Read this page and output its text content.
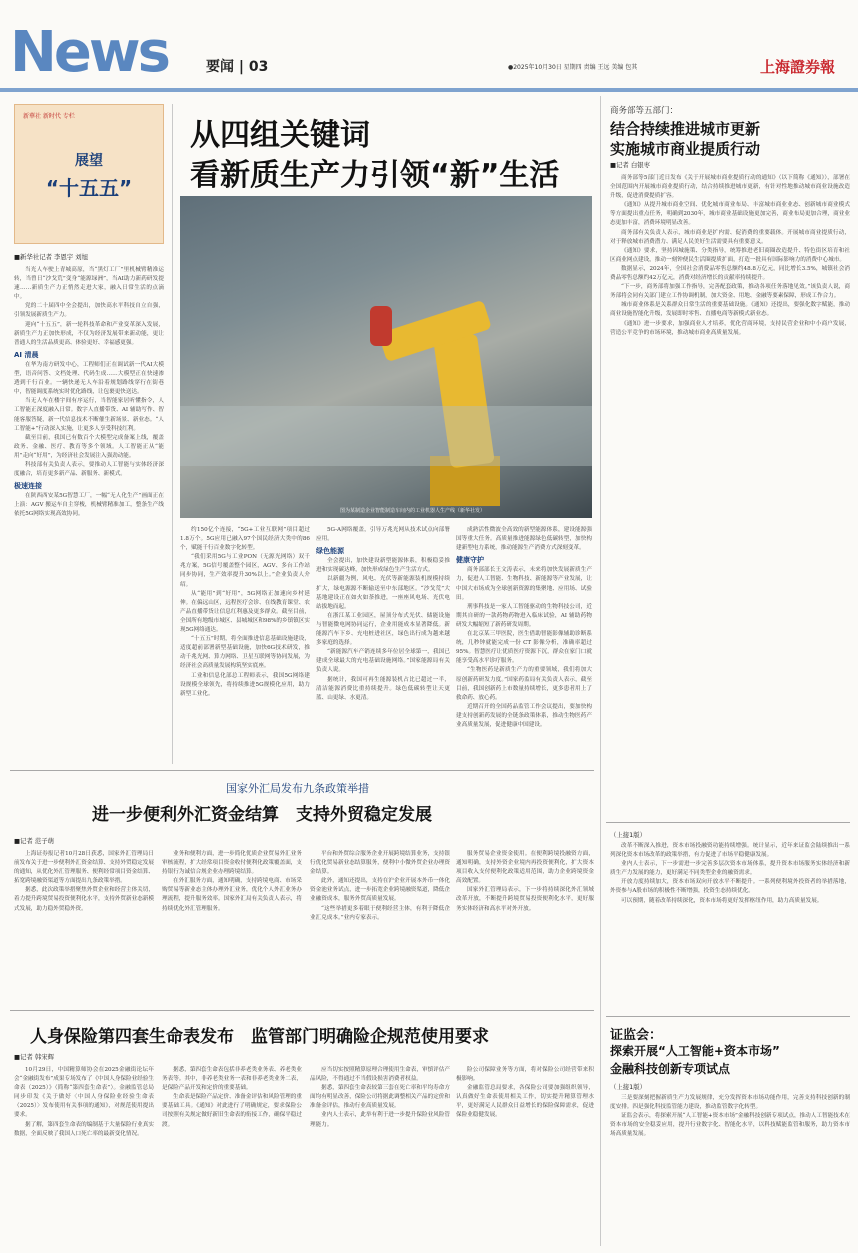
News	要闻 | 03	●2025年10月30日 星期四 责编 王远 美编 包其	上海證券報
新華社 新时代 专栏
展望
“十五五”
从四组关键词
看新质生产力引领“新”生活
■新华社记者 李恩宇 刘旭

当光人车驶上青城高原，当“黑灯工厂”里机械臂精准运转，当曾日“沙戈荒”变身“能源绿洲”，当AI助力新药研发提速……新质生产力正悄然走进大家，融入日常生活的点滴中。

党的二十届四中全会提出，加快高水平科技自立自强，引领发展新质生产力。

迎向“十五五”，新一轮科技革命和产业变革深入发展，新质生产力正加快形成，不仅为经济发展带来新动能，更让普通人的生活品质更高、体验更好、幸福感更强。

AI 清晨

在华为南方研发中心，工程师们正在调试新一代AI大模型，语音问答、文档处理、代码生成……大模型正在快速渗透到千行百业。一辆快递无人车沿着规划路线穿行在街巷中，智能调度系统实时优化路线，让包裹更快送达。

当无人车在楼宇间有序运行，当智能家居听懂指令，人工智能正深度融入日常。数字人直播带货、AI 辅助写作、智能客服答疑，新一代信息技术不断催生新场景、新业态。“人工智能+”行动深入实施，让更多人享受科技红利。

截至目前，我国已有数百个大模型完成备案上线，覆盖政务、金融、医疗、教育等多个领域。人工智能正从“能用”走向“好用”，为经济社会发展注入强劲动能。

科技部有关负责人表示，要推动人工智能与实体经济深度融合，培育更多新产品、新服务、新模式。

极速连接

在陕西西安某5G智慧工厂，一幅“无人化生产”画面正在上演：AGV 搬运车自主穿梭，机械臂精准加工，整条生产线依托5G网络实现高效协同。

图为某制造企业智能制造车间内的工业机器人生产线（新华社发）

约150亿个连接，“5G+工业互联网”项目超过1.8万个。5G应用已融入97个国民经济大类中的86个，赋能千行百业数字化转型。

“我们采用5G与工业PON（无源光网络）双千兆方案，5G信号覆盖整个园区，AGV、多台工作站同步协同，生产效率提升30%以上。”企业负责人介绍。

从“能用”到“好用”，5G网络正加速向乡村延伸。在偏远山区，远程医疗会诊、在线教育课堂、农产品直播带货让信息红利惠及更多群众。截至目前，全国所有地级市城区、县城城区和98%的乡镇镇区实现5G网络通达。

“十五五”时期，将全面推进信息基础设施建设，适度超前部署新型基础设施，加快6G技术研发，推动千兆光网、算力网络、卫星互联网等协同发展，为经济社会高质量发展构筑坚实底座。

工业和信息化部总工程师表示，我国5G网络建设规模全球领先，将持续推进5G规模化应用，助力新型工业化。

5G-A网络覆盖，引导万兆光网从技术试点向部署应用。

绿色能源

全会提出，加快建设新型能源体系，积极稳妥推进和实现碳达峰，加快形成绿色生产生活方式。

以新疆为例，风电、光伏等新能源装机规模持续扩大，绿电源源不断输送至中东部地区。“沙戈荒”大基地建设正在如火如荼推进，一座座风电场、光伏电站拔地而起。

在浙江某工业园区，屋顶分布式光伏、储能设施与智能微电网协同运行，企业用能成本显著降低。新能源汽车下乡、充电桩进社区，绿色出行成为越来越多家庭的选择。

“新能源汽车产销连续多年位居全球第一，我国已建成全球最大的充电基础设施网络。”国家能源局有关负责人说。

据统计，我国可再生能源装机占比已超过一半，清洁能源消费比重持续提升。绿色低碳转型让天更蓝、山更绿、水更清。

成熟活性微波全高效的新型能源体系，建设能源强国等重大任务。高质量推进能源绿色低碳转型，加快构建新型电力系统，推动能源生产消费方式深刻变革。

健康守护

商务部部长王文涛表示，未来将加快发展新质生产力，促进人工智能、生物科技、新能源等产业发展，让中国大市场成为全球创新资源的集聚地、应用场、试验田。

刑事科技是一家人工智能驱动的生物科技公司，近期其自研的一款药物药物进入临床试验，AI 辅助药物研发大幅缩短了新药研发周期。

在北京某三甲医院，医生借助智能影像辅助诊断系统，几秒钟就能完成一份 CT 影像分析，准确率超过95%。智慧医疗让优质医疗资源下沉，群众在家门口就能享受高水平诊疗服务。

“生物医药是新质生产力的重要领域，我们将加大原创新药研发力度。”国家药监局有关负责人表示，截至目前，我国创新药上市数量持续增长，更多患者用上了救命药、放心药。

近期召开的全国药品监管工作会议提出，要加快构建支持创新药发展的全链条政策体系，推动生物医药产业高质量发展，促进健康中国建设。

商务部等五部门：
结合持续推进城市更新
实施城市商业提质行动
■记者 白银枣

商务部等5部门近日发布《关于开展城市商业提质行动的通知》（以下简称《通知》），部署在全国范围内开展城市商业提质行动，结合持续推进城市更新，有针对性地推动城市商业设施改造升级，促进消费提质扩容。

《通知》从提升城市商业空间、优化城市商业布局、丰富城市商业业态、创新城市商业模式等方面提出重点任务，明确到2030年，城市商业基础设施更加完善，商业布局更加合理，商业业态更加丰富，消费环境明显改善。

商务部有关负责人表示，城市商业是扩内需、促消费的重要载体。开展城市商业提质行动，对于释放城市消费潜力、满足人民美好生活需要具有重要意义。

《通知》要求，坚持因城施策、分类指导，统筹推进老旧商圈改造提升、特色街区培育和社区商业网点建设，推动一刻钟便民生活圈提质扩面，打造一批具有国际影响力的消费中心城市。

数据显示，2024年，全国社会消费品零售总额约48.8万亿元，同比增长3.5%，城镇社会消费品零售总额约42万亿元，消费对经济增长的贡献率持续提升。

“下一步，商务部将加强工作指导，完善配套政策，推动各项任务落地见效。”该负责人说，商务部将会同有关部门建立工作协调机制，加大资金、用地、金融等要素保障，形成工作合力。

城市商业体系是关系群众日常生活的重要基础设施。《通知》还提出，要强化数字赋能，推动商业设施智能化升级，发展即时零售、直播电商等新模式新业态。

《通知》进一步要求，加强商业人才培养，优化营商环境，支持民营企业和中小商户发展，营造公平竞争的市场环境，推动城市商业高质量发展。

国家外汇局发布九条政策举措
进一步便利外汇资金结算　支持外贸稳定发展
■记者 范子萌

上海证券报记者10月28日获悉，国家外汇管理局日前发布关于进一步便利外汇资金结算、支持外贸稳定发展的通知，从优化外汇管理服务、便利经常项目资金结算、拓宽跨境融资渠道等方面提出九条政策举措。

据悉，此次政策举措聚焦外贸企业和经营主体关切，着力提升跨境贸易投资便利化水平，支持外贸新业态新模式发展，助力稳外贸稳外资。

业务和便利方面，进一步简化优质企业贸易外汇业务审核流程，扩大经常项目资金收付便利化政策覆盖面，支持银行为诚信合规企业办理跨境结算。

在外汇服务方面，通知明确，支持跨境电商、市场采购贸易等新业态主体办理外汇业务，优化个人外汇业务办理流程，提升服务效率。国家外汇局有关负责人表示，将持续优化外汇管理服务。

平台和外贸综合服务企业开展跨境结算业务，支持银行优化贸易新业态结算服务，便利中小微外贸企业办理资金结算。

此外，通知还提出，支持在沪企业开展本外币一体化资金池业务试点，进一步拓宽企业跨境融资渠道，降低企业融资成本，服务外贸高质量发展。

“这些举措更多着眼于便利经营主体，有利于降低企业汇兑成本。”业内专家表示。

服务贸易企业资金使用。在便利跨境投融资方面，通知明确，支持外资企业境内再投资便利化，扩大资本项目收入支付便利化政策适用范围，助力企业跨境资金高效配置。

国家外汇管理局表示，下一步将持续深化外汇领域改革开放，不断提升跨境贸易投资便利化水平，更好服务实体经济和高水平对外开放。

（上接1版）

改革不断深入推进，资本市场投融资功能持续增强。统计显示，近年来证监会陆续推出一系列深化资本市场改革的政策举措，有力促进了市场平稳健康发展。

业内人士表示，下一步需进一步完善多层次资本市场体系，提升资本市场服务实体经济和新质生产力发展的能力，更好满足不同类型企业的融资需求。

开放力度持续加大，资本市场双向开放水平不断提升。一系列便利境外投资者的举措落地，外资参与A股市场的积极性不断增强，投资生态持续优化。

可以预期，随着改革持续深化，资本市场将更好发挥枢纽作用，助力高质量发展。

人身保险第四套生命表发布　监管部门明确险企规范使用要求
■记者 韩宋辉

10月29日，中国精算师协会在2025金融街论坛年会“金融街发布”成果专场发布了《中国人身保险业经验生命表（2025）》（简称“第四套生命表”）。金融监管总局同步印发《关于做好〈中国人身保险业经验生命表（2025）〉发布使用有关事项的通知》，对规范使用提出要求。

据了解，第四套生命表的编制基于大量保险行业真实数据，全面反映了我国人口死亡率的最新变化情况。

据悉，第四套生命表包括非养老类业务表、养老类业务表等。其中，非养老类业务一表和非养老类业务二表，是保险产品开发和定价的重要基础。

生命表是保险产品定价、准备金评估和风险管理的重要基础工具。《通知》对此进行了明确规定，要求保险公司按照有关规定做好新旧生命表的衔接工作，确保平稳过渡。

应当切实按照精算原理合理使用生命表，审慎评估产品风险，不得通过不当假设损害消费者权益。

据悉，第四套生命表较第三套在死亡率和平均寿命方面均有明显改善，保险公司将据此调整相关产品的定价和准备金评估，推动行业高质量发展。

业内人士表示，此举有利于进一步提升保险业风险管理能力。

险公司保障业务等方面，将对保险公司经营带来积极影响。

金融监管总局要求，各保险公司要加强组织领导，认真做好生命表使用相关工作，切实提升精算管理水平，更好满足人民群众日益增长的保险保障需求，促进保险业稳健发展。

证监会：
探索开展“人工智能+资本市场”
金融科技创新专项试点
（上接1版）

三是要深刻把握新质生产力发展规律，充分发挥资本市场功能作用，完善支持科技创新的制度安排。四是强化科技监管能力建设，推动监管数字化转型。

证监会表示，将探索开展“人工智能+资本市场”金融科技创新专项试点，推动人工智能技术在资本市场的安全稳妥应用，提升行业数字化、智能化水平，以科技赋能监管和服务，助力资本市场高质量发展。
